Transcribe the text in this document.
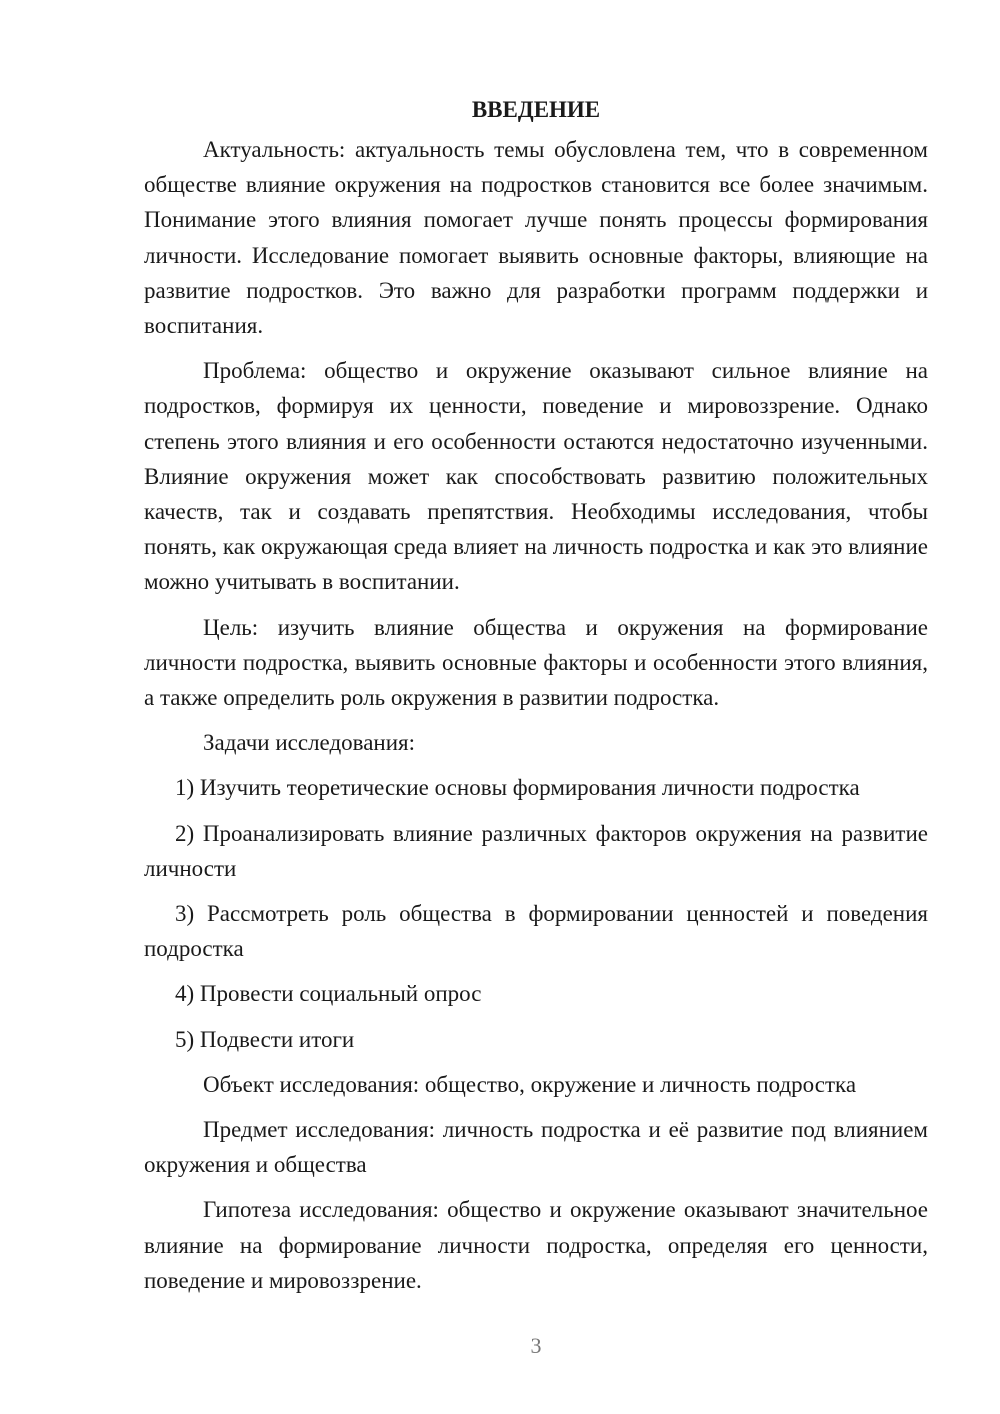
ВВЕДЕНИЕ

Актуальность: актуальность темы обусловлена тем, что в современном обществе влияние окружения на подростков становится все более значимым. Понимание этого влияния помогает лучше понять процессы формирования личности. Исследование помогает выявить основные факторы, влияющие на развитие подростков. Это важно для разработки программ поддержки и воспитания.

Проблема: общество и окружение оказывают сильное влияние на подростков, формируя их ценности, поведение и мировоззрение. Однако степень этого влияния и его особенности остаются недостаточно изученными. Влияние окружения может как способствовать развитию положительных качеств, так и создавать препятствия. Необходимы исследования, чтобы понять, как окружающая среда влияет на личность подростка и как это влияние можно учитывать в воспитании.

Цель: изучить влияние общества и окружения на формирование личности подростка, выявить основные факторы и особенности этого влияния, а также определить роль окружения в развитии подростка.

Задачи исследования:

1) Изучить теоретические основы формирования личности подростка

2) Проанализировать влияние различных факторов окружения на развитие личности

3) Рассмотреть роль общества в формировании ценностей и поведения подростка

4) Провести социальный опрос

5) Подвести итоги

Объект исследования: общество, окружение и личность подростка

Предмет исследования: личность подростка и её развитие под влиянием окружения и общества

Гипотеза исследования: общество и окружение оказывают значительное влияние на формирование личности подростка, определяя его ценности, поведение и мировоззрение.

3
